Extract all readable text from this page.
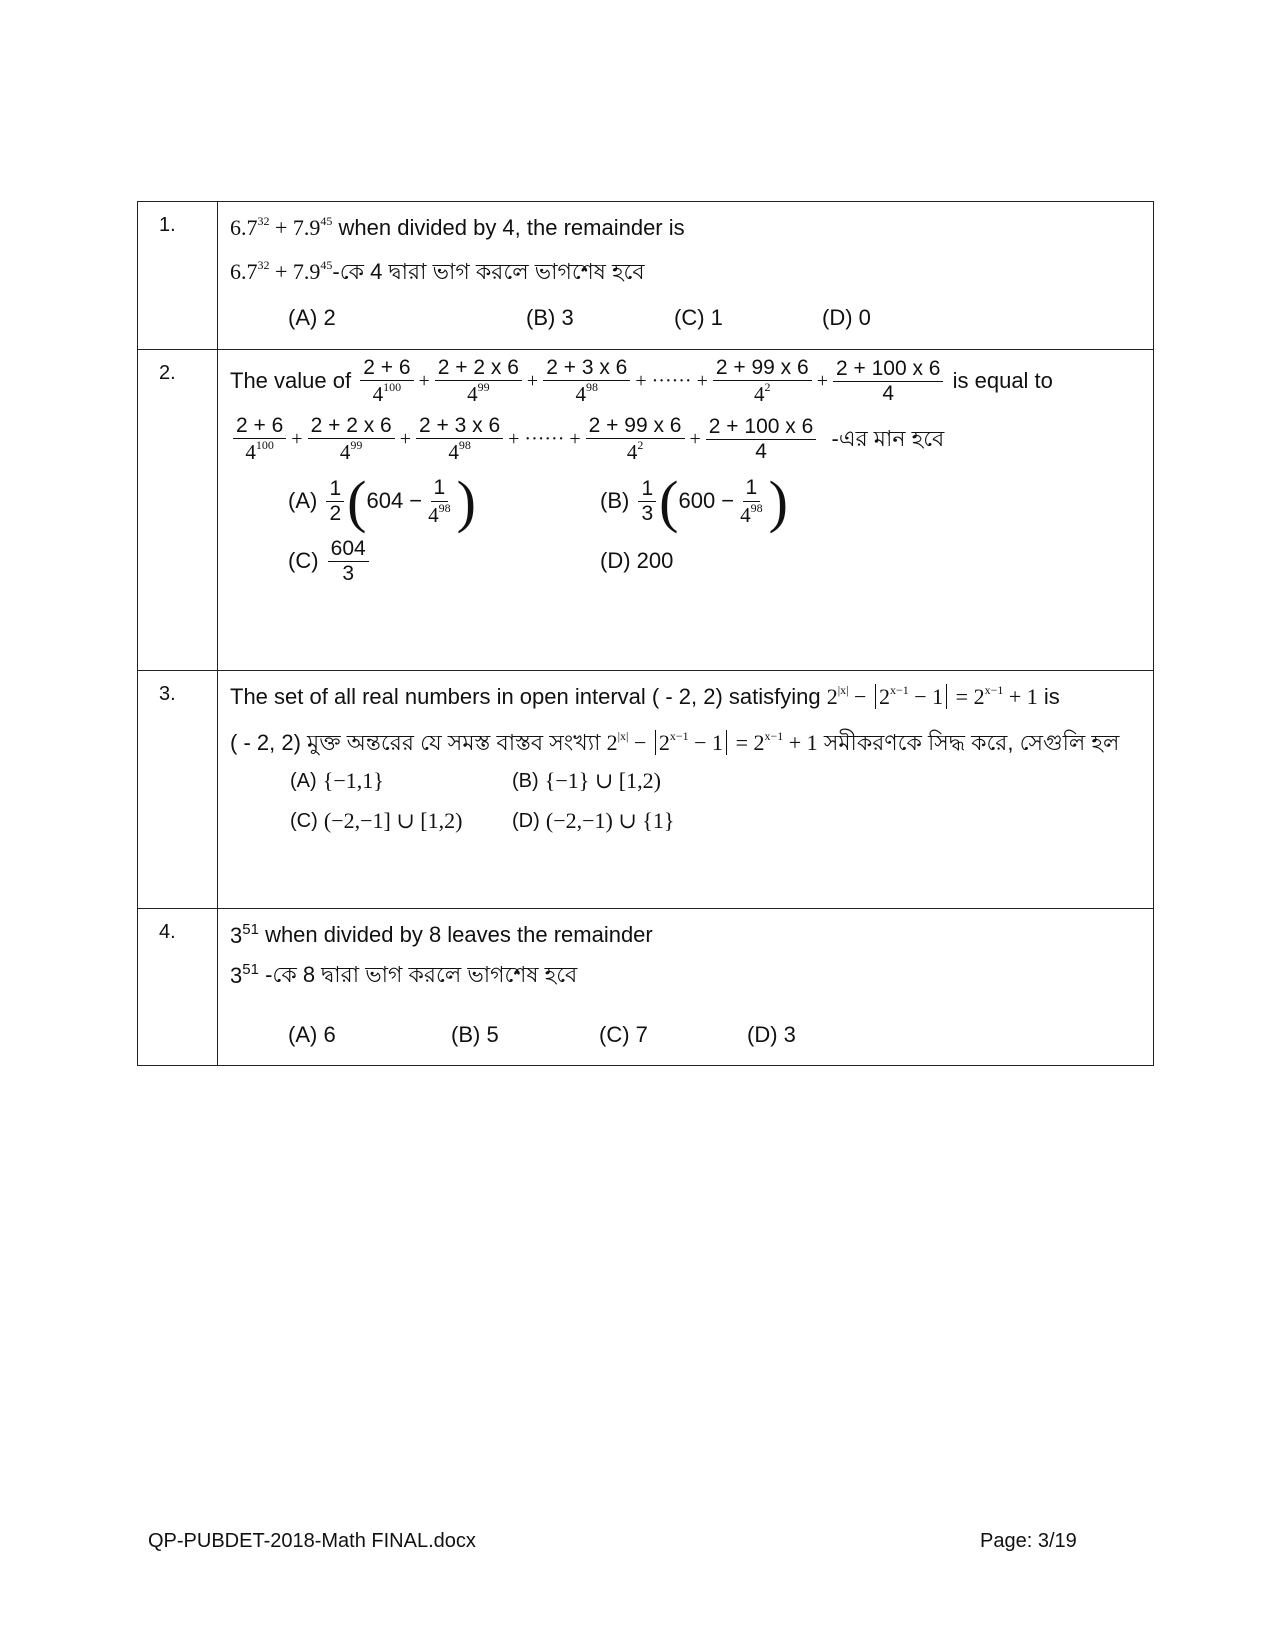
1.	$6.7^{32} + 7.9^{45}$
when divided by 4, the remainder is
$6.7^{32} + 7.9^{45}$ -কে 4 দ্বারা ভাগ করলে ভাগশেষ হবে
(A) 2	(B) 3	(C) 1	(D) 0
2.	The value of
$\frac{2 + 6}{4^{100}} + \frac{2 + 2 x 6}{4^{99}} + \frac{2 + 3 x 6}{4^{98}}$ + ······ + $\frac{2 + 99 x 6}{4^2} + \frac{2 + 100 x 6}{4}$
is equal to
$\frac{2 + 6}{4^{100}} + \frac{2 + 2 x 6}{4^{99}} + \frac{2 + 3 x 6}{4^{98}}$ + ······ + $\frac{2 + 99 x 6}{4^2} + \frac{2 + 100 x 6}{4}$
-এর মান হবে
(A)
$\frac{1}{2}$ ( $604 - \frac{1}{4^{98}}$ )	(B)
$\frac{1}{3}$ ( $600 - \frac{1}{4^{98}}$ )
(C)
$\frac{604}{3}$	(D) 200
3.	The set of all real numbers in open interval ( - 2, 2) satisfying
$2^{|x|} - 2^{x-1} - 1 = 2^{x-1} + 1$
is
( - 2, 2) মুক্ত অন্তরের যে সমস্ত বাস্তব সংখ্যা
$2^{|x|} - 2^{x-1} - 1 = 2^{x-1} + 1$
সমীকরণকে সিদ্ধ করে, সেগুলি হল
(A)
{−1,1}	(B)
{−1} ∪ [1,2)
(C)
(−2,−1] ∪ [1,2) (D)
(−2,−1) ∪ {1}
4.	$3^{51}$
when divided by 8 leaves the remainder
$3^{51}$
-কে 8 দ্বারা ভাগ করলে ভাগশেষ হবে
(A) 6	(B) 5	(C) 7	(D) 3
QP-PUBDET-2018-Math FINAL.docx	Page: 3/19
